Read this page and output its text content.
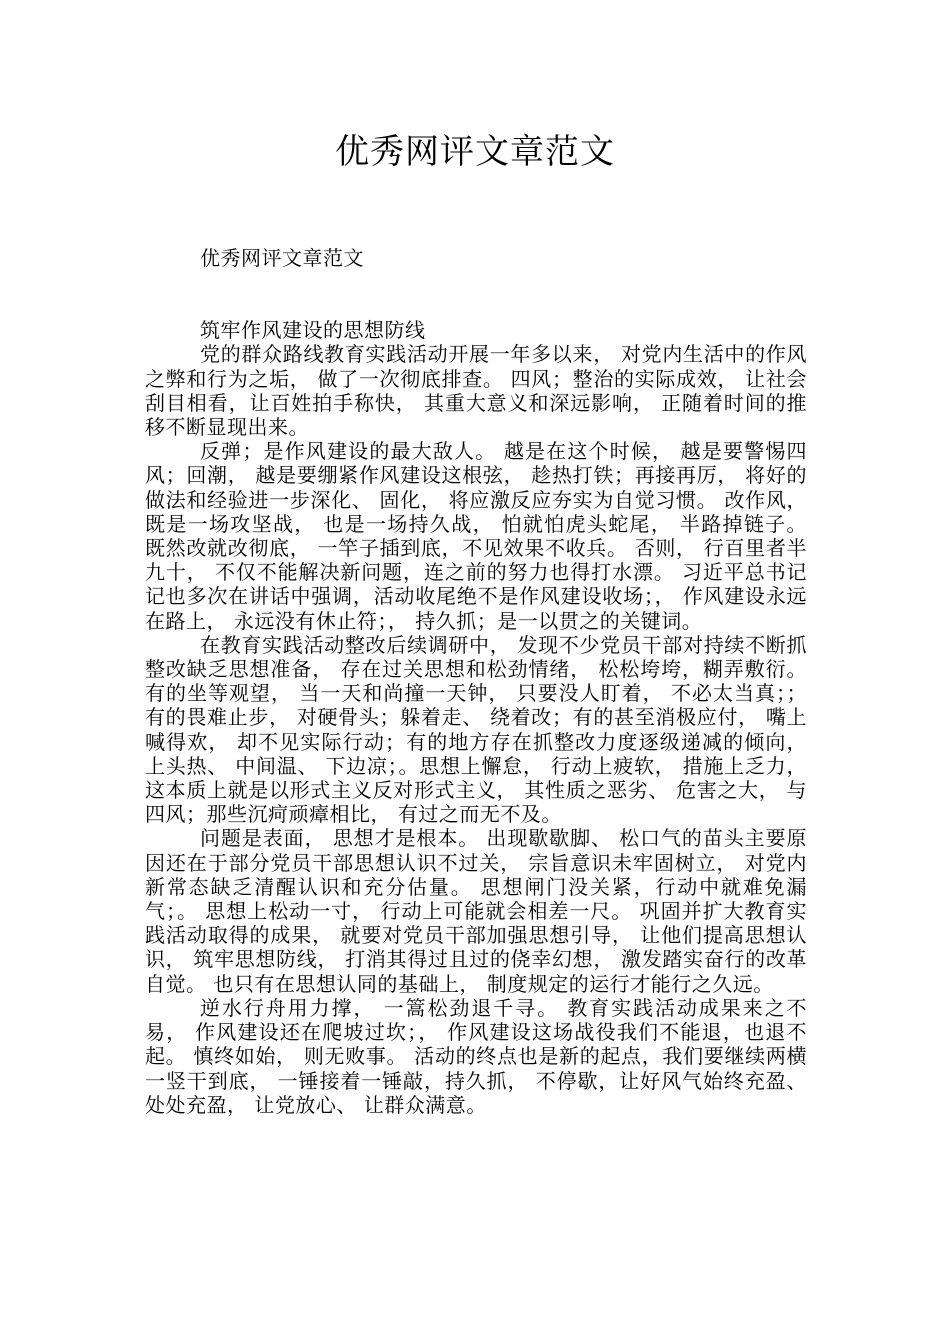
优秀网评文章范文

优秀网评文章范文

筑牢作风建设的思想防线

党的群众路线教育实践活动开展一年多以来， 对党内生活中的作风之弊和行为之垢， 做了一次彻底排查。 四风；整治的实际成效， 让社会刮目相看，让百姓拍手称快， 其重大意义和深远影响， 正随着时间的推移不断显现出来。

反弹；是作风建设的最大敌人。 越是在这个时候， 越是要警惕四风；回潮， 越是要绷紧作风建设这根弦， 趁热打铁；再接再厉， 将好的做法和经验进一步深化、 固化， 将应激反应夯实为自觉习惯。 改作风， 既是一场攻坚战， 也是一场持久战， 怕就怕虎头蛇尾， 半路掉链子。 既然改就改彻底， 一竿子插到底，不见效果不收兵。 否则， 行百里者半九十， 不仅不能解决新问题，连之前的努力也得打水漂。 习近平总书记记也多次在讲话中强调，活动收尾绝不是作风建设收场；， 作风建设永远在路上， 永远没有休止符；， 持久抓；是一以贯之的关键词。

在教育实践活动整改后续调研中， 发现不少党员干部对持续不断抓整改缺乏思想准备， 存在过关思想和松劲情绪， 松松垮垮，糊弄敷衍。 有的坐等观望， 当一天和尚撞一天钟， 只要没人盯着， 不必太当真；；有的畏难止步， 对硬骨头；躲着走、 绕着改；有的甚至消极应付， 嘴上喊得欢， 却不见实际行动；有的地方存在抓整改力度逐级递减的倾向， 上头热、 中间温、 下边凉；。思想上懈怠， 行动上疲软， 措施上乏力， 这本质上就是以形式主义反对形式主义， 其性质之恶劣、 危害之大， 与四风；那些沉疴顽瘴相比， 有过之而无不及。

问题是表面， 思想才是根本。 出现歇歇脚、 松口气的苗头主要原因还在于部分党员干部思想认识不过关， 宗旨意识未牢固树立， 对党内新常态缺乏清醒认识和充分估量。 思想闸门没关紧，行动中就难免漏气；。 思想上松动一寸， 行动上可能就会相差一尺。 巩固并扩大教育实践活动取得的成果， 就要对党员干部加强思想引导， 让他们提高思想认识， 筑牢思想防线， 打消其得过且过的侥幸幻想， 激发踏实奋行的改革自觉。 也只有在思想认同的基础上， 制度规定的运行才能行之久远。

逆水行舟用力撑， 一篙松劲退千寻。 教育实践活动成果来之不易， 作风建设还在爬坡过坎；， 作风建设这场战役我们不能退，也退不起。 慎终如始， 则无败事。 活动的终点也是新的起点，我们要继续两横一竖干到底， 一锤接着一锤敲，持久抓， 不停歇，让好风气始终充盈、 处处充盈， 让党放心、 让群众满意。
